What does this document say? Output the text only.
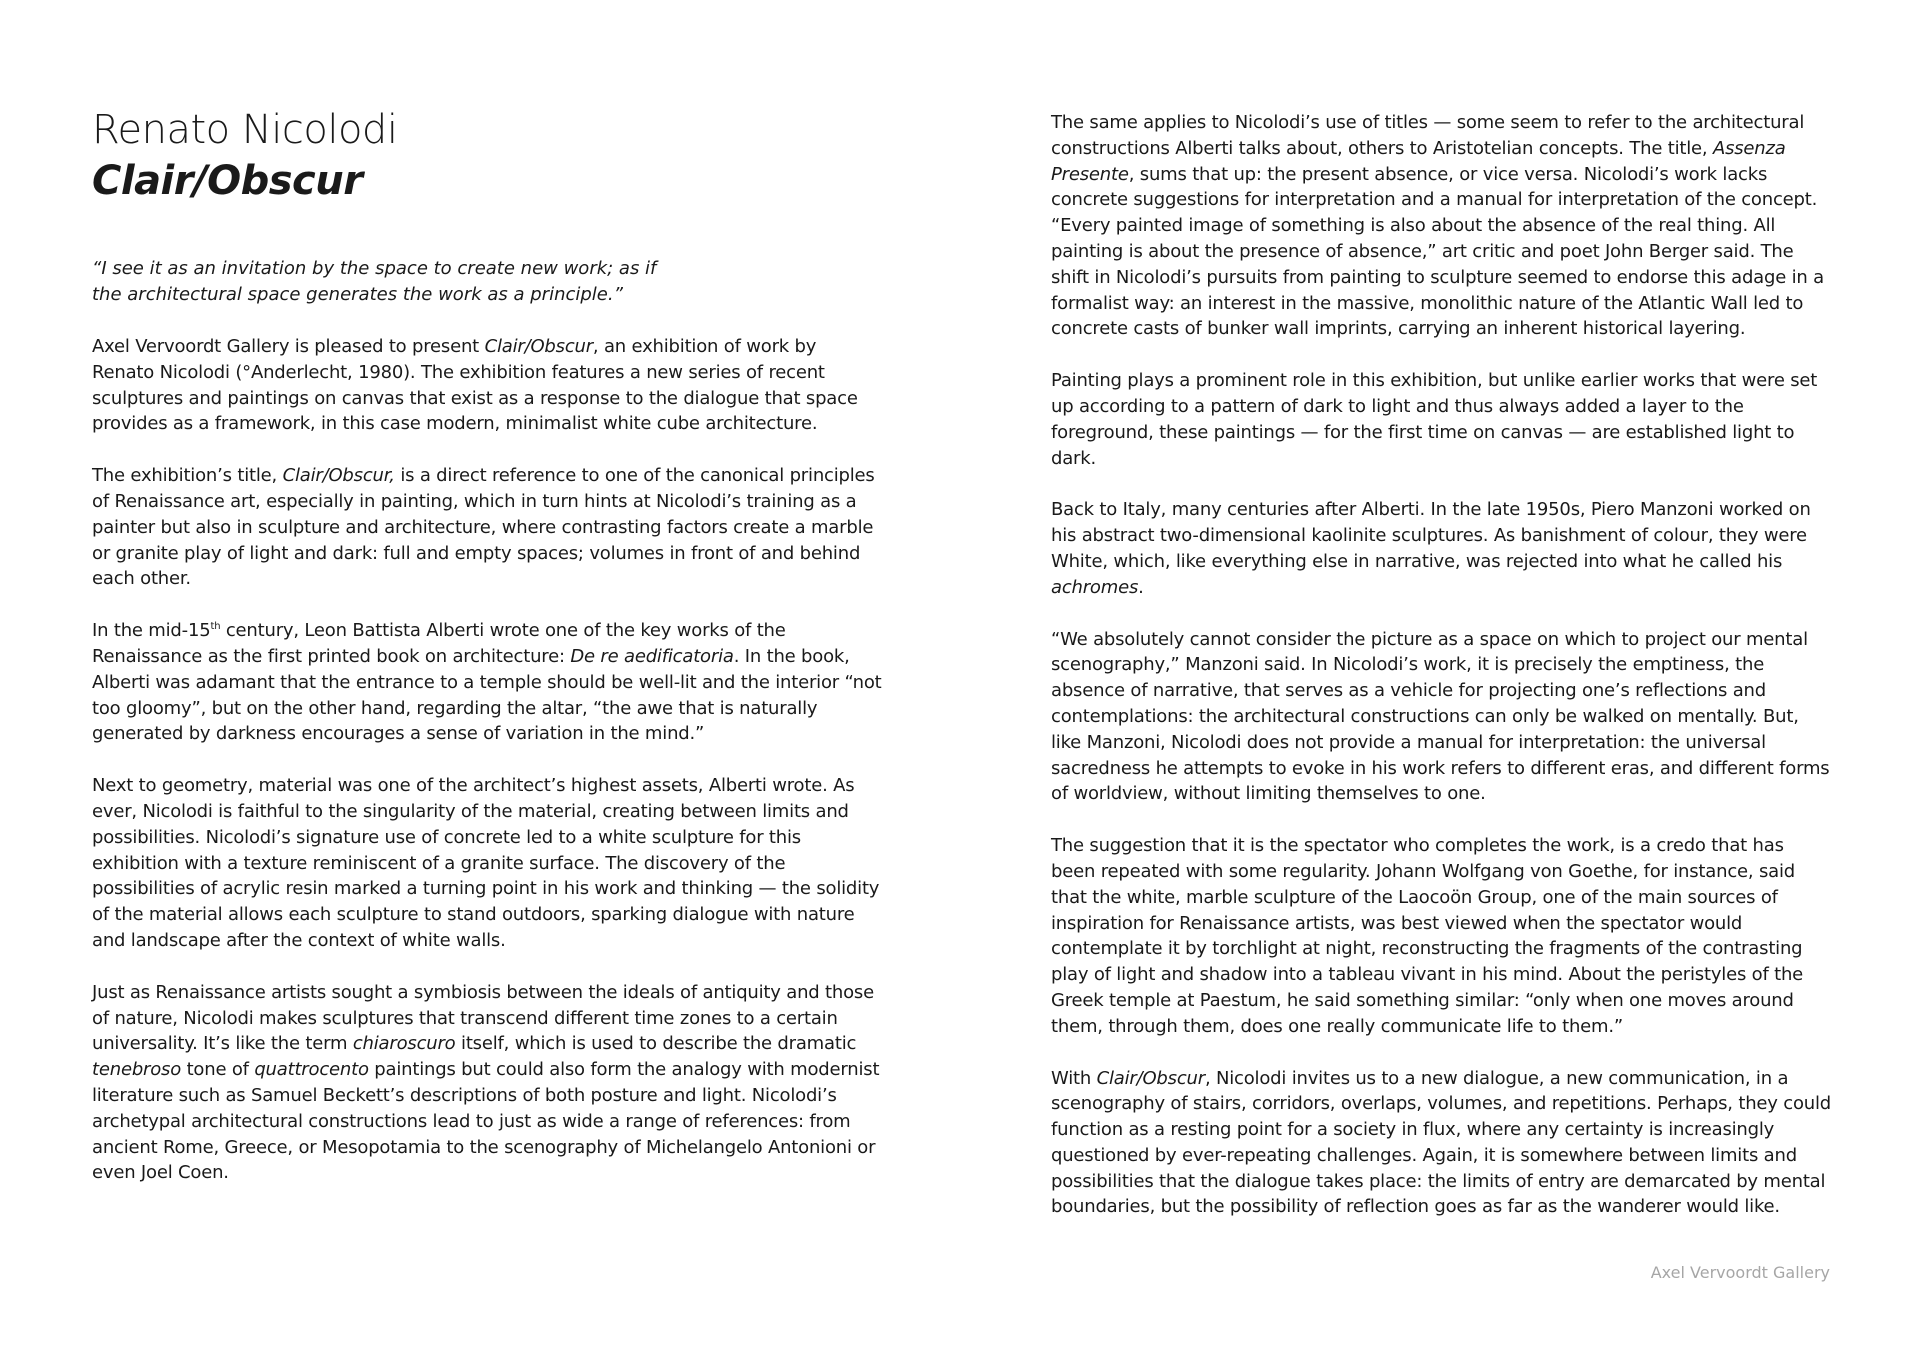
Renato Nicolodi
Clair/Obscur

“I see it as an invitation by the space to create new work; as if the architectural space generates the work as a principle.”

Axel Vervoordt Gallery is pleased to present Clair/Obscur, an exhibition of work by Renato Nicolodi (°Anderlecht, 1980). The exhibition features a new series of recent sculptures and paintings on canvas that exist as a response to the dialogue that space provides as a framework, in this case modern, minimalist white cube architecture.

The exhibition’s title, Clair/Obscur, is a direct reference to one of the canonical principles of Renaissance art, especially in painting, which in turn hints at Nicolodi’s training as a painter but also in sculpture and architecture, where contrasting factors create a marble or granite play of light and dark: full and empty spaces; volumes in front of and behind each other.

In the mid-15th century, Leon Battista Alberti wrote one of the key works of the Renaissance as the first printed book on architecture: De re aedificatoria. In the book, Alberti was adamant that the entrance to a temple should be well-lit and the interior “not too gloomy”, but on the other hand, regarding the altar, “the awe that is naturally generated by darkness encourages a sense of variation in the mind.”

Next to geometry, material was one of the architect’s highest assets, Alberti wrote. As ever, Nicolodi is faithful to the singularity of the material, creating between limits and possibilities. Nicolodi’s signature use of concrete led to a white sculpture for this exhibition with a texture reminiscent of a granite surface. The discovery of the possibilities of acrylic resin marked a turning point in his work and thinking — the solidity of the material allows each sculpture to stand outdoors, sparking dialogue with nature and landscape after the context of white walls.

Just as Renaissance artists sought a symbiosis between the ideals of antiquity and those of nature, Nicolodi makes sculptures that transcend different time zones to a certain universality. It’s like the term chiaroscuro itself, which is used to describe the dramatic tenebroso tone of quattrocento paintings but could also form the analogy with modernist literature such as Samuel Beckett’s descriptions of both posture and light. Nicolodi’s archetypal architectural constructions lead to just as wide a range of references: from ancient Rome, Greece, or Mesopotamia to the scenography of Michelangelo Antonioni or even Joel Coen.

The same applies to Nicolodi’s use of titles — some seem to refer to the architectural constructions Alberti talks about, others to Aristotelian concepts. The title, Assenza Presente, sums that up: the present absence, or vice versa. Nicolodi’s work lacks concrete suggestions for interpretation and a manual for interpretation of the concept. “Every painted image of something is also about the absence of the real thing. All painting is about the presence of absence,” art critic and poet John Berger said. The shift in Nicolodi’s pursuits from painting to sculpture seemed to endorse this adage in a formalist way: an interest in the massive, monolithic nature of the Atlantic Wall led to concrete casts of bunker wall imprints, carrying an inherent historical layering.

Painting plays a prominent role in this exhibition, but unlike earlier works that were set up according to a pattern of dark to light and thus always added a layer to the foreground, these paintings — for the first time on canvas — are established light to dark.

Back to Italy, many centuries after Alberti. In the late 1950s, Piero Manzoni worked on his abstract two-dimensional kaolinite sculptures. As banishment of colour, they were White, which, like everything else in narrative, was rejected into what he called his achromes.

“We absolutely cannot consider the picture as a space on which to project our mental scenography,” Manzoni said. In Nicolodi’s work, it is precisely the emptiness, the absence of narrative, that serves as a vehicle for projecting one’s reflections and contemplations: the architectural constructions can only be walked on mentally. But, like Manzoni, Nicolodi does not provide a manual for interpretation: the universal sacredness he attempts to evoke in his work refers to different eras, and different forms of worldview, without limiting themselves to one.

The suggestion that it is the spectator who completes the work, is a credo that has been repeated with some regularity. Johann Wolfgang von Goethe, for instance, said that the white, marble sculpture of the Laocoön Group, one of the main sources of inspiration for Renaissance artists, was best viewed when the spectator would contemplate it by torchlight at night, reconstructing the fragments of the contrasting play of light and shadow into a tableau vivant in his mind. About the peristyles of the Greek temple at Paestum, he said something similar: “only when one moves around them, through them, does one really communicate life to them.”

With Clair/Obscur, Nicolodi invites us to a new dialogue, a new communication, in a scenography of stairs, corridors, overlaps, volumes, and repetitions. Perhaps, they could function as a resting point for a society in flux, where any certainty is increasingly questioned by ever-repeating challenges. Again, it is somewhere between limits and possibilities that the dialogue takes place: the limits of entry are demarcated by mental boundaries, but the possibility of reflection goes as far as the wanderer would like.

Axel Vervoordt Gallery
